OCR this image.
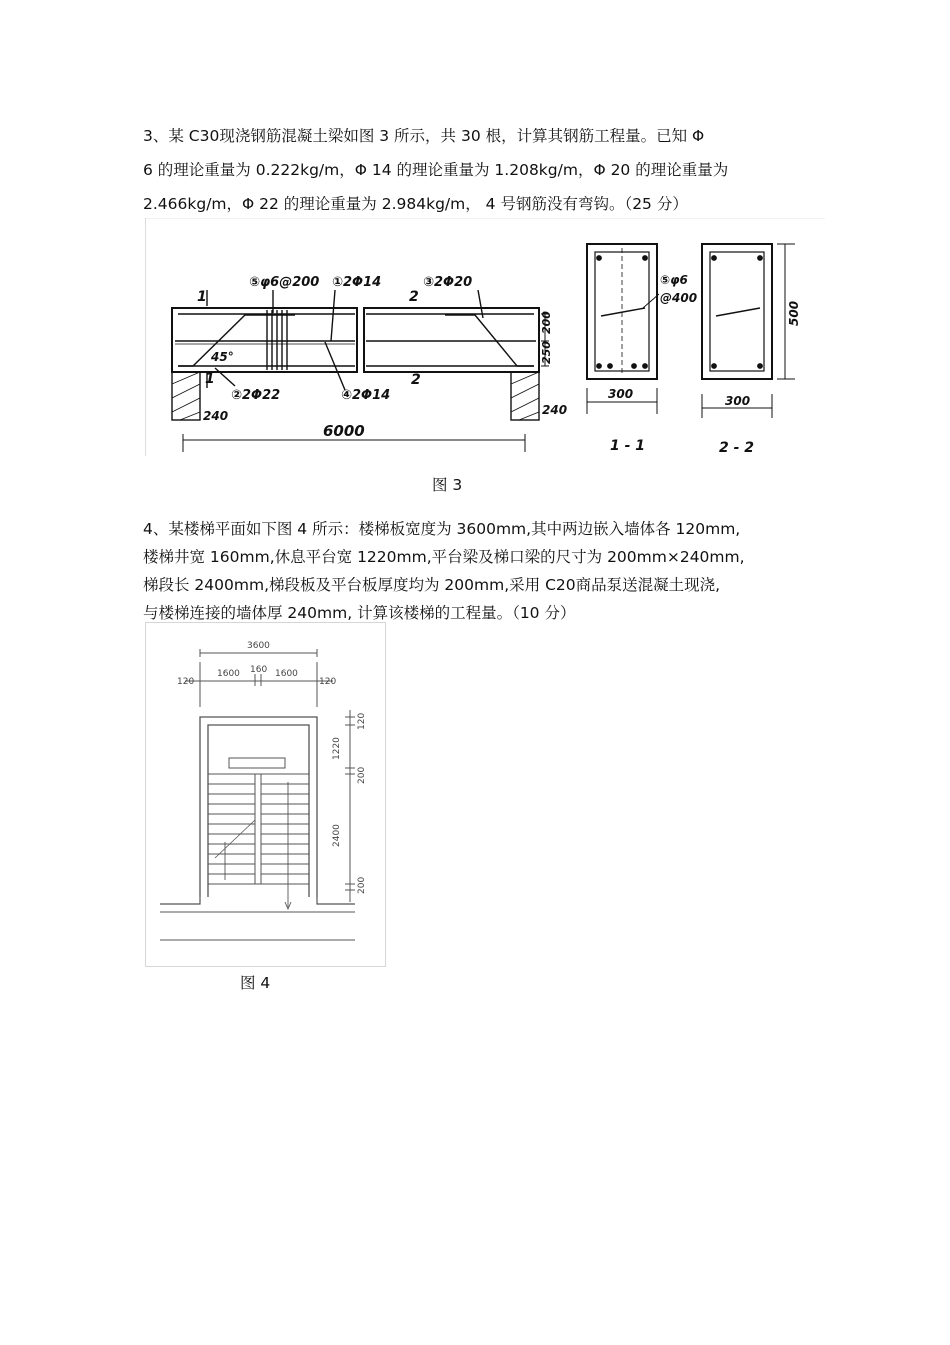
3、某 C30现浇钢筋混凝土梁如图 3 所示，共 30 根，计算其钢筋工程量。已知 Φ

6 的理论重量为 0.222kg/m，Φ 14 的理论重量为 1.208kg/m，Φ 20 的理论重量为

2.466kg/m，Φ 22 的理论重量为 2.984kg/m， 4 号钢筋没有弯钩。（25 分）

1
1
2
2
⑤φ6@200 ①2Φ14	③2Φ20
②2Φ22	④2Φ14
45°
200
250
240	240
6000
⑤φ6
@400
300
1 - 1
500
300
2 - 2
图 3

4、某楼梯平面如下图 4 所示：楼梯板宽度为 3600mm,其中两边嵌入墙体各 120mm,

楼梯井宽 160mm,休息平台宽 1220mm,平台梁及梯口梁的尺寸为 200mm×240mm,

梯段长 2400mm,梯段板及平台板厚度均为 200mm,采用 C20商品泵送混凝土现浇,

与楼梯连接的墙体厚 240mm, 计算该楼梯的工程量。（10 分）

3600
120
1600 160 1600
120
120
1220
200
2400
200
图 4
